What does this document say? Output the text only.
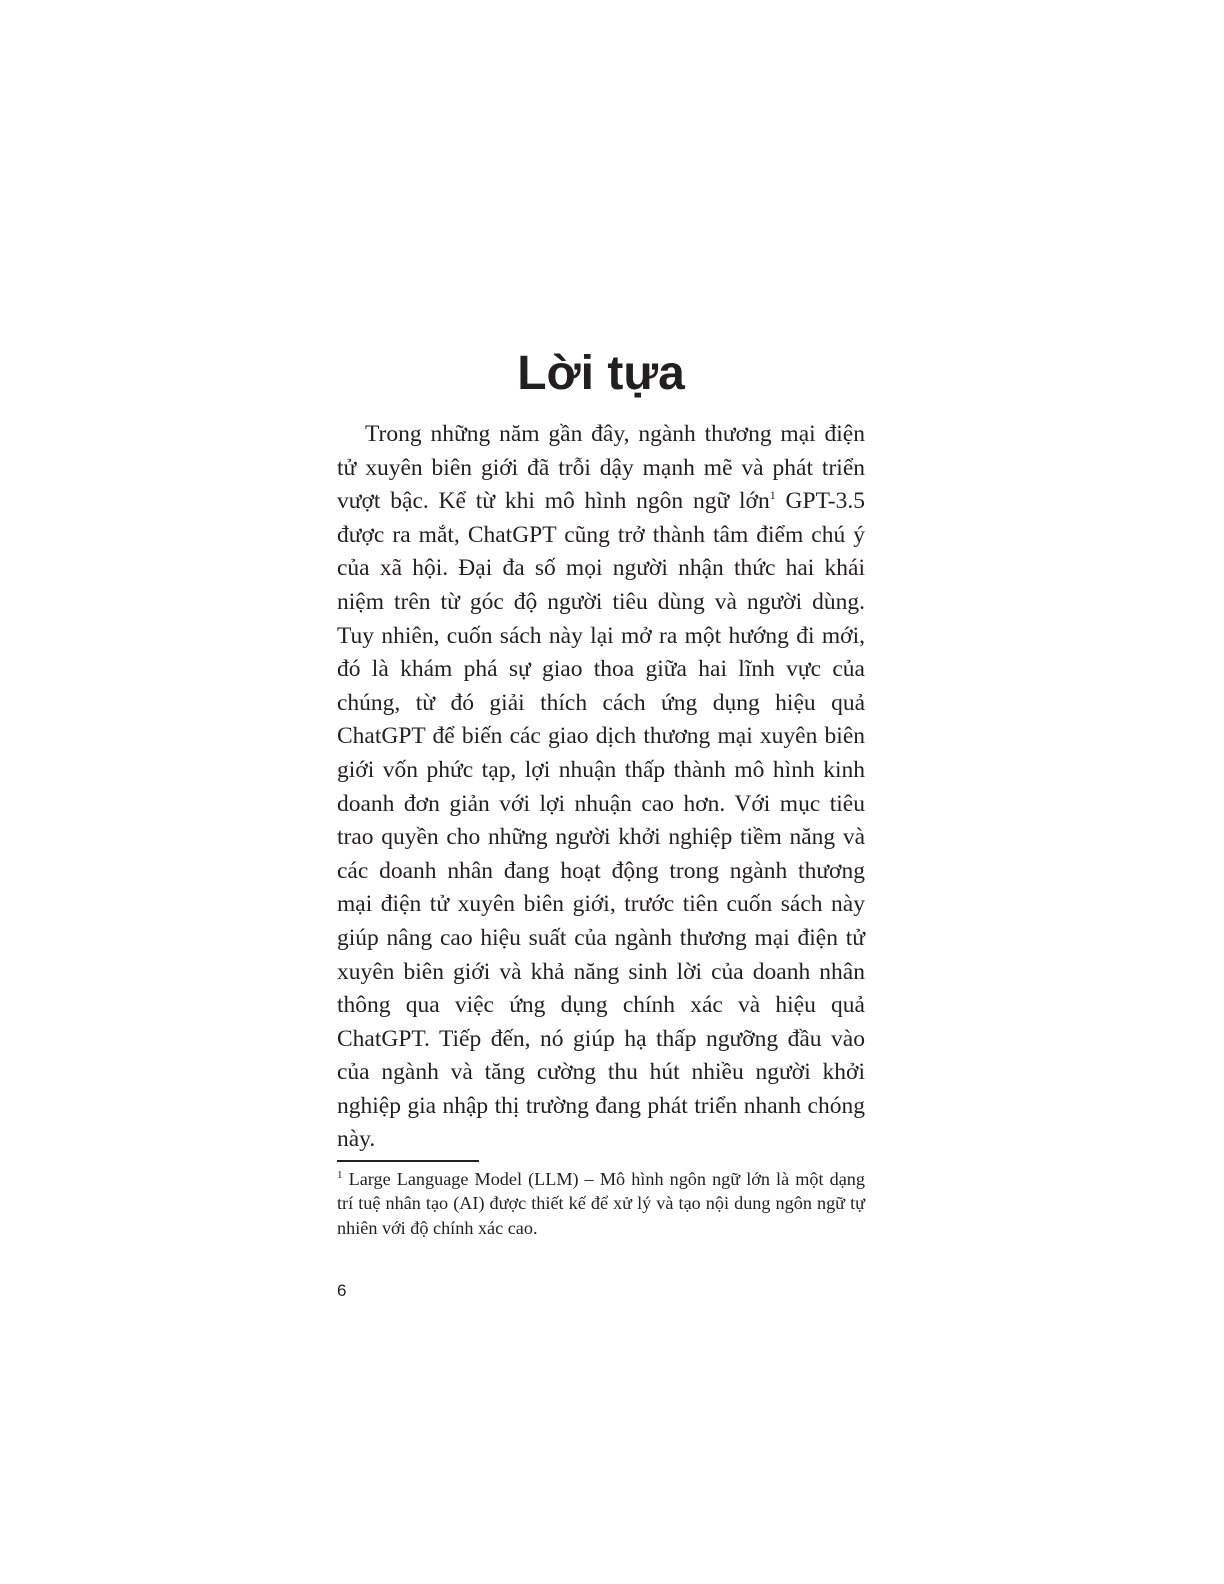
Lời tựa

Trong những năm gần đây, ngành thương mại điện tử xuyên biên giới đã trỗi dậy mạnh mẽ và phát triển vượt bậc. Kể từ khi mô hình ngôn ngữ lớn$^1$ GPT-3.5 được ra mắt, ChatGPT cũng trở thành tâm điểm chú ý của xã hội. Đại đa số mọi người nhận thức hai khái niệm trên từ góc độ người tiêu dùng và người dùng. Tuy nhiên, cuốn sách này lại mở ra một hướng đi mới, đó là khám phá sự giao thoa giữa hai lĩnh vực của chúng, từ đó giải thích cách ứng dụng hiệu quả ChatGPT để biến các giao dịch thương mại xuyên biên giới vốn phức tạp, lợi nhuận thấp thành mô hình kinh doanh đơn giản với lợi nhuận cao hơn. Với mục tiêu trao quyền cho những người khởi nghiệp tiềm năng và các doanh nhân đang hoạt động trong ngành thương mại điện tử xuyên biên giới, trước tiên cuốn sách này giúp nâng cao hiệu suất của ngành thương mại điện tử xuyên biên giới và khả năng sinh lời của doanh nhân thông qua việc ứng dụng chính xác và hiệu quả ChatGPT. Tiếp đến, nó giúp hạ thấp ngưỡng đầu vào của ngành và tăng cường thu hút nhiều người khởi nghiệp gia nhập thị trường đang phát triển nhanh chóng này.

$^1$ Large Language Model (LLM) – Mô hình ngôn ngữ lớn là một dạng trí tuệ nhân tạo (AI) được thiết kế để xử lý và tạo nội dung ngôn ngữ tự nhiên với độ chính xác cao.

6
